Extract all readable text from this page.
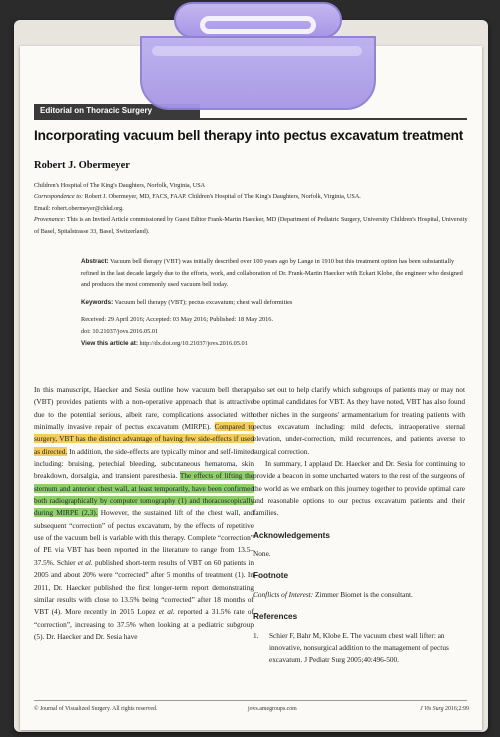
Editorial on Thoracic Surgery
Incorporating vacuum bell therapy into pectus excavatum treatment
Robert J. Obermeyer
Children's Hospital of The King's Daughters, Norfolk, Virginia, USA
Correspondence to: Robert J. Obermeyer, MD, FACS, FAAP. Children's Hospital of The King's Daughters, Norfolk, Virginia, USA.
Email: robert.obermeyer@chkd.org.
Provenance: This is an Invited Article commissioned by Guest Editor Frank-Martin Haecker, MD (Department of Pediatric Surgery, University Children's Hospital, University of Basel, Spitalstrasse 33, Basel, Switzerland).
Abstract: Vacuum bell therapy (VBT) was initially described over 100 years ago by Lange in 1910 but this treatment option has been substantially refined in the last decade largely due to the efforts, work, and collaboration of Dr. Frank-Martin Haecker with Eckart Klobe, the engineer who designed and produces the most commonly used vacuum bell today.
Keywords: Vacuum bell therapy (VBT); pectus excavatum; chest wall deformities
Received: 29 April 2016; Accepted: 03 May 2016; Published: 18 May 2016.
doi: 10.21037/jovs.2016.05.01
View this article at: http://dx.doi.org/10.21037/jovs.2016.05.01

In this manuscript, Haecker and Sesia outline how vacuum bell therapy (VBT) provides patients with a non-operative approach that is attractive due to the potential serious, albeit rare, complications associated with minimally invasive repair of pectus excavatum (MIRPE). Compared to surgery, VBT has the distinct advantage of having few side-effects if used as directed. In addition, the side-effects are typically minor and self-limited including: bruising, petechial bleeding, subcutaneous hematoma, skin breakdown, dorsalgia, and transient paresthesia. The effects of lifting the sternum and anterior chest wall, at least temporarily, have been confirmed both radiographically by computer tomography (1) and thoracoscopically during MIRPE (2,3). However, the sustained lift of the chest wall, and subsequent “correction” of pectus excavatum, by the effects of repetitive use of the vacuum bell is variable with this therapy. Complete “correction” of PE via VBT has been reported in the literature to range from 13.5–37.5%. Schier et al. published short-term results of VBT on 60 patients in 2005 and about 20% were “corrected” after 5 months of treatment (1). In 2011, Dr. Haecker published the first longer-term report demonstrating similar results with close to 13.5% being “corrected” after 18 months of VBT (4). More recently in 2015 Lopez et al. reported a 31.5% rate of “correction”, increasing to 37.5% when looking at a pediatric subgroup (5). Dr. Haecker and Dr. Sesia have

also set out to help clarify which subgroups of patients may or may not be optimal candidates for VBT. As they have noted, VBT has also found other niches in the surgeons' armamentarium for treating patients with pectus excavatum including: mild defects, intraoperative sternal elevation, under-correction, mild recurrences, and patients averse to surgical correction.

In summary, I applaud Dr. Haecker and Dr. Sesia for continuing to provide a beacon in some uncharted waters to the rest of the surgeons of the world as we embark on this journey together to provide optimal care and reasonable options to our pectus excavatum patients and their families.

Acknowledgements

None.

Footnote

Conflicts of Interest: Zimmer Biomet is the consultant.

References

1.	Schier F, Bahr M, Klobe E. The vacuum chest wall lifter: an innovative, nonsurgical addition to the management of pectus excavatum. J Pediatr Surg 2005;40:496-500.
© Journal of Visualized Surgery. All rights reserved.	jovs.amegroups.com	J Vis Surg 2016;2:99
